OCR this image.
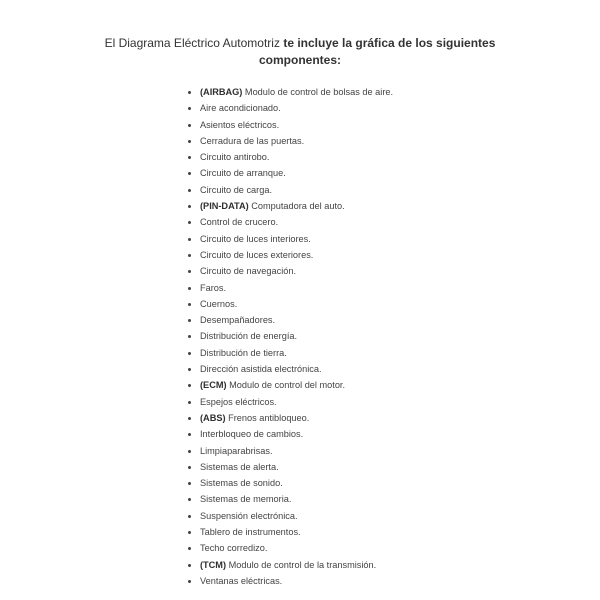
El Diagrama Eléctrico Automotriz te incluye la gráfica de los siguientes
componentes:
(AIRBAG) Modulo de control de bolsas de aire.
Aire acondicionado.
Asientos eléctricos.
Cerradura de las puertas.
Circuito antirobo.
Circuito de arranque.
Circuito de carga.
(PIN-DATA) Computadora del auto.
Control de crucero.
Circuito de luces interiores.
Circuito de luces exteriores.
Circuito de navegación.
Faros.
Cuernos.
Desempañadores.
Distribución de energía.
Distribución de tierra.
Dirección asistida electrónica.
(ECM) Modulo de control del motor.
Espejos eléctricos.
(ABS) Frenos antibloqueo.
Interbloqueo de cambios.
Limpiaparabrisas.
Sistemas de alerta.
Sistemas de sonido.
Sistemas de memoria.
Suspensión electrónica.
Tablero de instrumentos.
Techo corredizo.
(TCM) Modulo de control de la transmisión.
Ventanas eléctricas.
